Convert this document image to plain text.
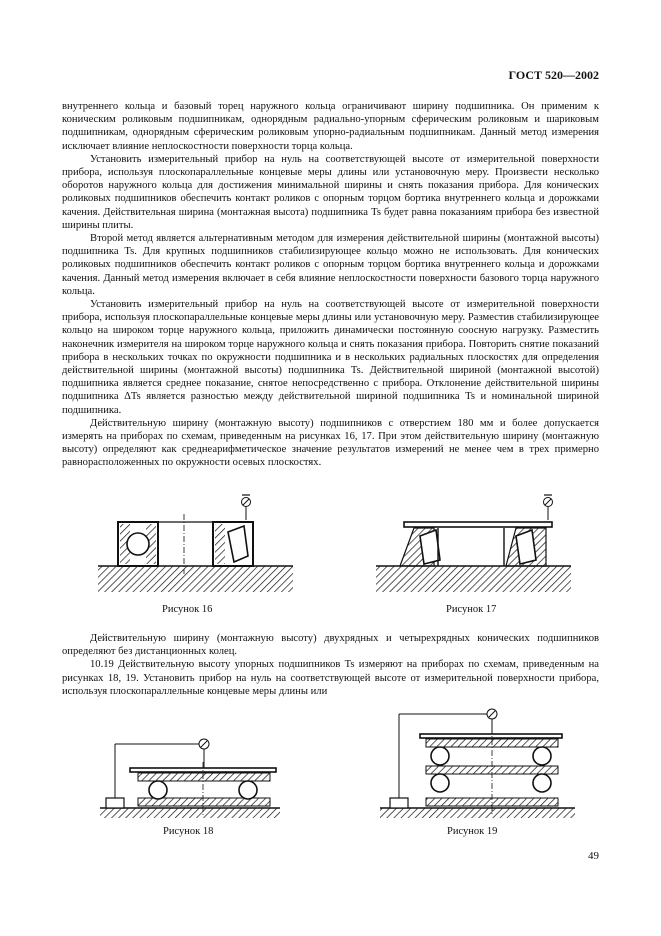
ГОСТ 520—2002

внутреннего кольца и базовый торец наружного кольца ограничивают ширину подшипника. Он применим к коническим роликовым подшипникам, однорядным радиально-упорным сферическим роликовым и шариковым подшипникам, однорядным сферическим роликовым упорно-радиальным подшипникам. Данный метод измерения исключает влияние неплоскостности поверхности торца кольца.

Установить измерительный прибор на нуль на соответствующей высоте от измерительной поверхности прибора, используя плоскопараллельные концевые меры длины или установочную меру. Произвести несколько оборотов наружного кольца для достижения минимальной ширины и снять показания прибора. Для конических роликовых подшипников обеспечить контакт роликов с опорным торцом бортика внутреннего кольца и дорожками качения. Действительная ширина (монтажная высота) подшипника Ts будет равна показаниям прибора без известной ширины плиты.

Второй метод является альтернативным методом для измерения действительной ширины (монтажной высоты) подшипника Ts. Для крупных подшипников стабилизирующее кольцо можно не использовать. Для конических роликовых подшипников обеспечить контакт роликов с опорным торцом бортика внутреннего кольца и дорожками качения. Данный метод измерения включает в себя влияние неплоскостности поверхности базового торца наружного кольца.

Установить измерительный прибор на нуль на соответствующей высоте от измерительной поверхности прибора, используя плоскопараллельные концевые меры длины или установочную меру. Разместив стабилизирующее кольцо на широком торце наружного кольца, приложить динамически постоянную соосную нагрузку. Разместить наконечник измерителя на широком торце наружного кольца и снять показания прибора. Повторить снятие показаний прибора в нескольких точках по окружности подшипника и в нескольких радиальных плоскостях для определения действительной ширины (монтажной высоты) подшипника Ts. Действительной шириной (монтажной высотой) подшипника является среднее показание, снятое непосредственно с прибора. Отклонение действительной ширины подшипника ΔTs является разностью между действительной шириной подшипника Ts и номинальной шириной подшипника.

Действительную ширину (монтажную высоту) подшипников с отверстием 180 мм и более допускается измерять на приборах по схемам, приведенным на рисунках 16, 17. При этом действительную ширину (монтажную высоту) определяют как среднеарифметическое значение результатов измерений не менее чем в трех примерно равнорасположенных по окружности осевых плоскостях.

Рисунок 16	Рисунок 17

Действительную ширину (монтажную высоту) двухрядных и четырехрядных конических подшипников определяют без дистанционных колец.

10.19 Действительную высоту упорных подшипников Ts измеряют на приборах по схемам, приведенным на рисунках 18, 19. Установить прибор на нуль на соответствующей высоте от измерительной поверхности прибора, используя плоскопараллельные концевые меры длины или

Рисунок 18	Рисунок 19
49
